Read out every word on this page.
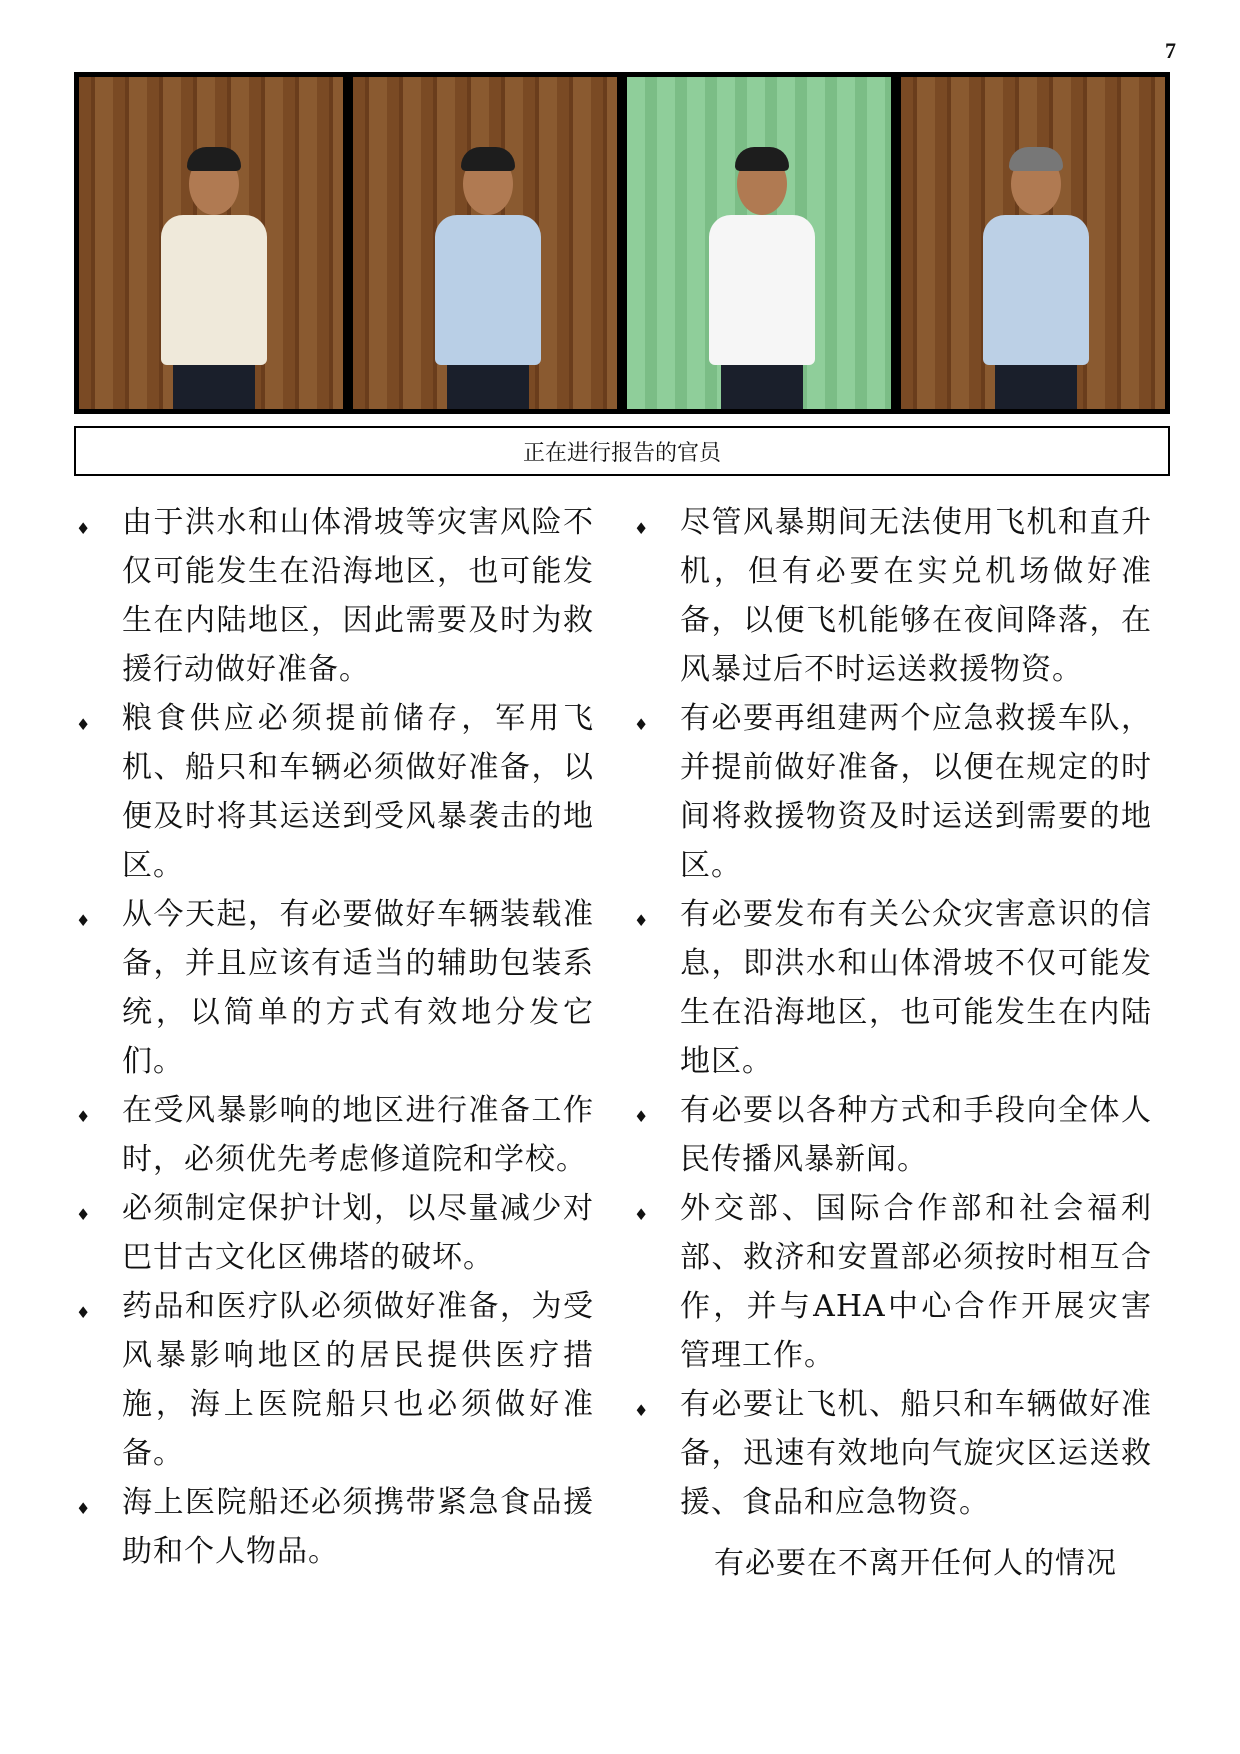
7
正在进行报告的官员
♦	由于洪水和山体滑坡等灾害风险不仅可能发生在沿海地区，也可能发生在内陆地区，因此需要及时为救援行动做好准备。
♦	粮食供应必须提前储存，军用飞机、船只和车辆必须做好准备，以便及时将其运送到受风暴袭击的地区。
♦	从今天起，有必要做好车辆装载准备，并且应该有适当的辅助包装系统，以简单的方式有效地分发它们。
♦	在受风暴影响的地区进行准备工作时，必须优先考虑修道院和学校。
♦	必须制定保护计划，以尽量减少对巴甘古文化区佛塔的破坏。
♦	药品和医疗队必须做好准备，为受风暴影响地区的居民提供医疗措施，海上医院船只也必须做好准备。
♦	海上医院船还必须携带紧急食品援助和个人物品。
♦	尽管风暴期间无法使用飞机和直升机，但有必要在实兑机场做好准备，以便飞机能够在夜间降落，在风暴过后不时运送救援物资。
♦	有必要再组建两个应急救援车队，并提前做好准备，以便在规定的时间将救援物资及时运送到需要的地区。
♦	有必要发布有关公众灾害意识的信息，即洪水和山体滑坡不仅可能发生在沿海地区，也可能发生在内陆地区。
♦	有必要以各种方式和手段向全体人民传播风暴新闻。
♦	外交部、国际合作部和社会福利部、救济和安置部必须按时相互合作，并与AHA中心合作开展灾害管理工作。
♦	有必要让飞机、船只和车辆做好准备，迅速有效地向气旋灾区运送救援、食品和应急物资。
有必要在不离开任何人的情况
